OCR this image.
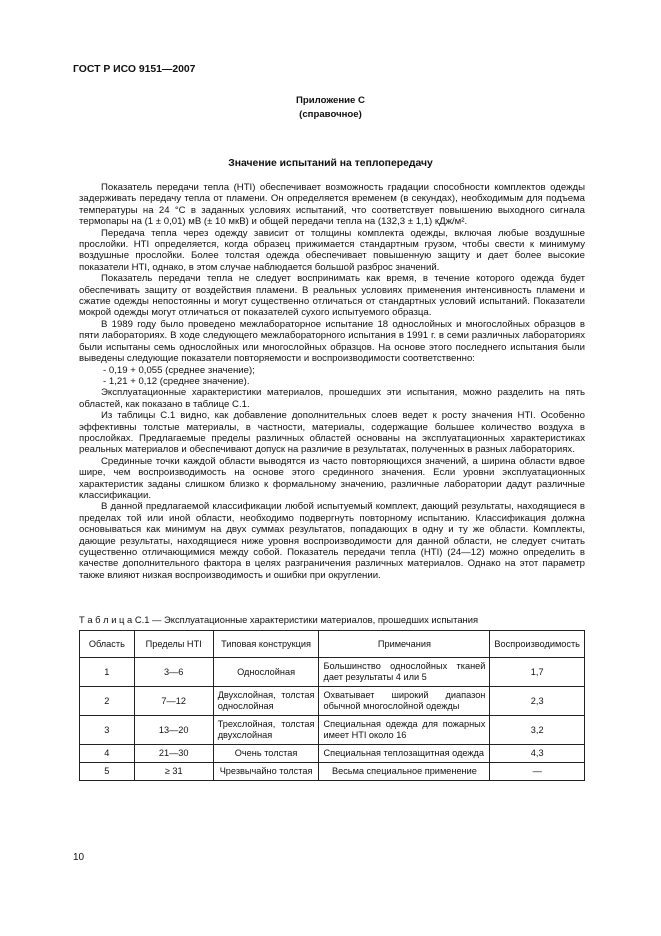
ГОСТ Р ИСО 9151—2007
Приложение С
(справочное)
Значение испытаний на теплопередачу

Показатель передачи тепла (HTI) обеспечивает возможность градации способности комплектов одежды задерживать передачу тепла от пламени. Он определяется временем (в секундах), необходимым для подъема температуры на 24 °С в заданных условиях испытаний, что соответствует повышению выходного сигнала термопары на (1 ± 0,01) мВ (± 10 мкВ) и общей передачи тепла на (132,3 ± 1,1) кДж/м².

Передача тепла через одежду зависит от толщины комплекта одежды, включая любые воздушные прослойки. HTI определяется, когда образец прижимается стандартным грузом, чтобы свести к минимуму воздушные прослойки. Более толстая одежда обеспечивает повышенную защиту и дает более высокие показатели HTI, однако, в этом случае наблюдается большой разброс значений.

Показатель передачи тепла не следует воспринимать как время, в течение которого одежда будет обеспечивать защиту от воздействия пламени. В реальных условиях применения интенсивность пламени и сжатие одежды непостоянны и могут существенно отличаться от стандартных условий испытаний. Показатели мокрой одежды могут отличаться от показателей сухого испытуемого образца.

В 1989 году было проведено межлабораторное испытание 18 однослойных и многослойных образцов в пяти лабораториях. В ходе следующего межлабораторного испытания в 1991 г. в семи различных лабораториях были испытаны семь однослойных или многослойных образцов. На основе этого последнего испытания были выведены следующие показатели повторяемости и воспроизводимости соответственно:

- 0,19 + 0,055 (среднее значение);

- 1,21 + 0,12 (среднее значение).

Эксплуатационные характеристики материалов, прошедших эти испытания, можно разделить на пять областей, как показано в таблице С.1.

Из таблицы С.1 видно, как добавление дополнительных слоев ведет к росту значения HTI. Особенно эффективны толстые материалы, в частности, материалы, содержащие большее количество воздуха в прослойках. Предлагаемые пределы различных областей основаны на эксплуатационных характеристиках реальных материалов и обеспечивают допуск на различие в результатах, полученных в разных лабораториях.

Срединные точки каждой области выводятся из часто повторяющихся значений, а ширина области вдвое шире, чем воспроизводимость на основе этого срединного значения. Если уровни эксплуатационных характеристик заданы слишком близко к формальному значению, различные лаборатории дадут различные классификации.

В данной предлагаемой классификации любой испытуемый комплект, дающий результаты, находящиеся в пределах той или иной области, необходимо подвергнуть повторному испытанию. Классификация должна основываться как минимум на двух суммах результатов, попадающих в одну и ту же области. Комплекты, дающие результаты, находящиеся ниже уровня воспроизводимости для данной области, не следует считать существенно отличающимися между собой. Показатель передачи тепла (HTI) (24—12) можно определить в качестве дополнительного фактора в целях разграничения различных материалов. Однако на этот параметр также влияют низкая воспроизводимость и ошибки при округлении.

Т а б л и ц а С.1 — Эксплуатационные характеристики материалов, прошедших испытания
Область	Пределы HTI	Типовая конструкция	Примечания	Воспроизводимость
1	3—6	Однослойная	Большинство однослойных тканей дает результаты 4 или 5	1,7
2	7—12	Двухслойная, толстая однослойная	Охватывает широкий диапазон обычной многослойной одежды	2,3
3	13—20	Трехслойная, толстая двухслойная	Специальная одежда для пожарных имеет HTI около 16	3,2
4	21—30	Очень толстая	Специальная теплозащитная одежда	4,3
5	≥ 31	Чрезвычайно толстая	Весьма специальное применение	—
10
